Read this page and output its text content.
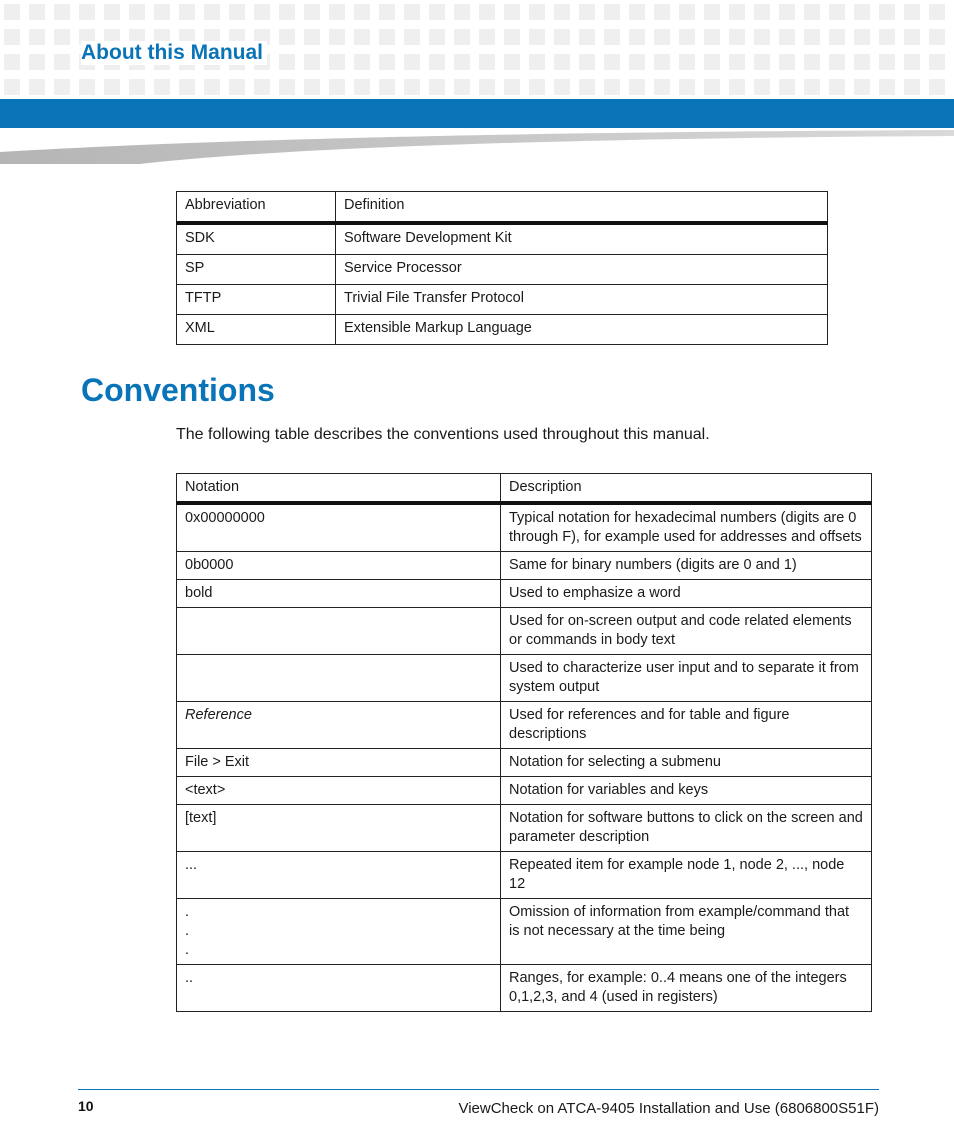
About this Manual
Abbreviation	Definition
SDK	Software Development Kit
SP	Service Processor
TFTP	Trivial File Transfer Protocol
XML	Extensible Markup Language
Conventions

The following table describes the conventions used throughout this manual.

Notation	Description
0x00000000	Typical notation for hexadecimal numbers (digits are 0 through F), for example used for addresses and offsets
0b0000	Same for binary numbers (digits are 0 and 1)
bold	Used to emphasize a word
	Used for on-screen output and code related elements or commands in body text
	Used to characterize user input and to separate it from system output
Reference	Used for references and for table and figure descriptions
File > Exit	Notation for selecting a submenu
<text>	Notation for variables and keys
[text]	Notation for software buttons to click on the screen and parameter description
...	Repeated item for example node 1, node 2, ..., node 12

.
.
.	Omission of information from example/command that is not necessary at the time being
..	Ranges, for example: 0..4 means one of the integers 0,1,2,3, and 4 (used in registers)
10	ViewCheck on ATCA-9405 Installation and Use (6806800S51F)
